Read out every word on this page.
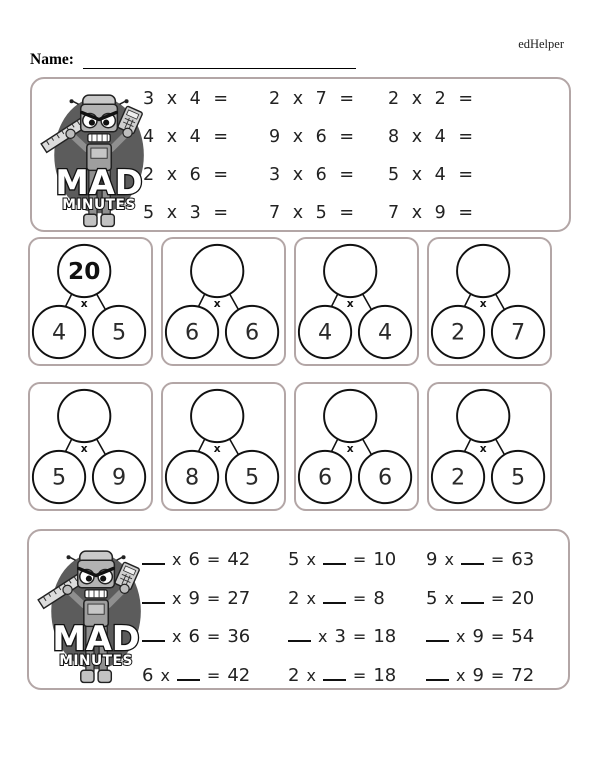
edHelper
Name:
MAD
MINUTES
3 x 4 =	2 x 7 =	2 x 2 =
4 x 4 =	9 x 6 =	8 x 4 =
2 x 6 =	3 x 6 =	5 x 4 =
5 x 3 =	7 x 5 =	7 x 9 =
20
x
4 5
x
6 6
x
4 4
x
2 7
x
5 9
x
8 5
x
6 6
x
2 5
MAD
MINUTES
x 6 = 42	5 x = 10	9 x = 63
x 9 = 27	2 x = 8	5 x = 20
x 6 = 36	x 3 = 18	x 9 = 54
6 x = 42	2 x = 18	x 9 = 72
